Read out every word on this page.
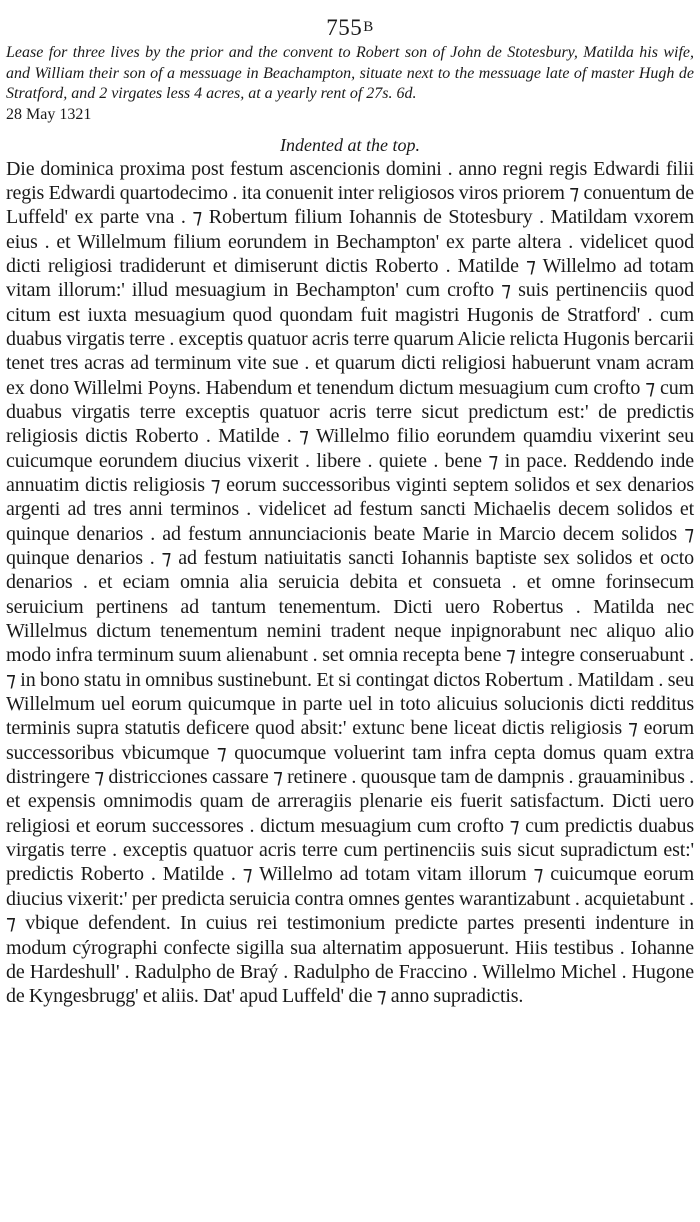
755B

Lease for three lives by the prior and the convent to Robert son of John de Stotesbury, Matilda his wife, and William their son of a messuage in Beachampton, situate next to the messuage late of master Hugh de Stratford, and 2 virgates less 4 acres, at a yearly rent of 27s. 6d.

28 May 1321
Indented at the top.

Die dominica proxima post festum ascencionis domini . anno regni regis Edwardi filii regis Edwardi quartodecimo . ita conuenit inter religiosos viros priorem ⁊ conuentum de Luffeld' ex parte vna . ⁊ Robertum filium Iohannis de Stotesbury . Matildam vxorem eius . et Willelmum filium eorundem in Bechampton' ex parte altera . videlicet quod dicti religiosi tradiderunt et dimiserunt dictis Roberto . Matilde ⁊ Willelmo ad totam vitam illorum:' illud mesuagium in Bechampton' cum crofto ⁊ suis pertinenciis quod citum est iuxta mesuagium quod quondam fuit magistri Hugonis de Stratford' . cum duabus virgatis terre . exceptis quatuor acris terre quarum Alicie relicta Hugonis bercarii tenet tres acras ad terminum vite sue . et quarum dicti religiosi habuerunt vnam acram ex dono Willelmi Poyns. Habendum et tenendum dictum mesuagium cum crofto ⁊ cum duabus virgatis terre exceptis quatuor acris terre sicut predictum est:' de predictis religiosis dictis Roberto . Matilde . ⁊ Willelmo filio eorundem quamdiu vixerint seu cuicumque eorundem diucius vixerit . libere . quiete . bene ⁊ in pace. Reddendo inde annuatim dictis religiosis ⁊ eorum successoribus viginti septem solidos et sex denarios argenti ad tres anni terminos . videlicet ad festum sancti Michaelis decem solidos et quinque denarios . ad festum annunciacionis beate Marie in Marcio decem solidos ⁊ quinque denarios . ⁊ ad festum natiuitatis sancti Iohannis baptiste sex solidos et octo denarios . et eciam omnia alia seruicia debita et consueta . et omne forinsecum seruicium pertinens ad tantum tenementum. Dicti uero Robertus . Matilda nec Willelmus dictum tenementum nemini tradent neque inpignorabunt nec aliquo alio modo infra terminum suum alienabunt . set omnia recepta bene ⁊ integre conseruabunt . ⁊ in bono statu in omnibus sustinebunt. Et si contingat dictos Robertum . Matildam . seu Willelmum uel eorum quicumque in parte uel in toto alicuius solucionis dicti redditus terminis supra statutis deficere quod absit:' extunc bene liceat dictis religiosis ⁊ eorum successoribus vbicumque ⁊ quocumque voluerint tam infra cepta domus quam extra distringere ⁊ districciones cassare ⁊ retinere . quousque tam de dampnis . grauaminibus . et expensis omnimodis quam de arreragiis plenarie eis fuerit satisfactum. Dicti uero religiosi et eorum successores . dictum mesuagium cum crofto ⁊ cum predictis duabus virgatis terre . exceptis quatuor acris terre cum pertinenciis suis sicut supradictum est:' predictis Roberto . Matilde . ⁊ Willelmo ad totam vitam illorum ⁊ cuicumque eorum diucius vixerit:' per predicta seruicia contra omnes gentes warantizabunt . acquietabunt . ⁊ vbique defendent. In cuius rei testimonium predicte partes presenti indenture in modum cýrographi confecte sigilla sua alternatim apposuerunt. Hiis testibus . Iohanne de Hardeshull' . Radulpho de Braý . Radulpho de Fraccino . Willelmo Michel . Hugone de Kyngesbrugg' et aliis. Dat' apud Luffeld' die ⁊ anno supradictis.
